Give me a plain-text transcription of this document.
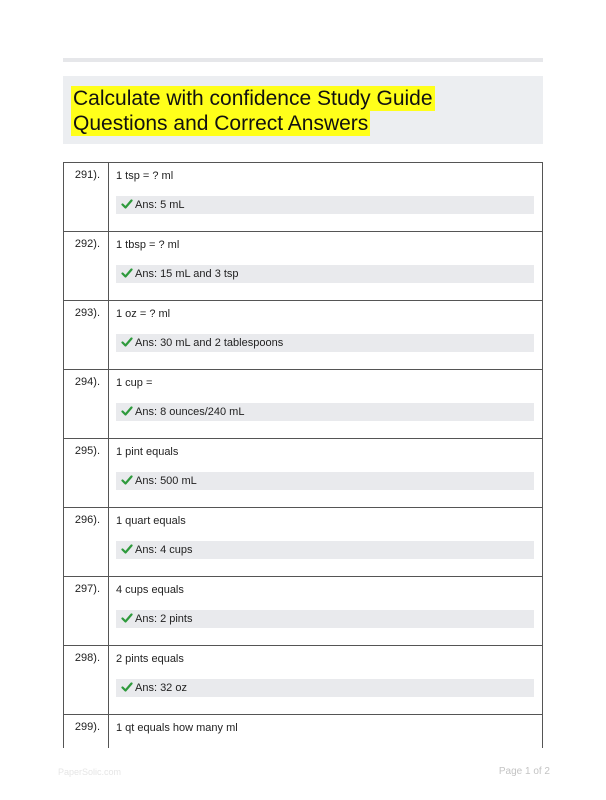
Calculate with confidence Study Guide
Questions and Correct Answers
291).	1 tsp = ? ml
Ans: 5 mL
292).	1 tbsp = ? ml
Ans: 15 mL and 3 tsp
293).	1 oz = ? ml
Ans: 30 mL and 2 tablespoons
294).	1 cup =
Ans: 8 ounces/240 mL
295).	1 pint equals
Ans: 500 mL
296).	1 quart equals
Ans: 4 cups
297).	4 cups equals
Ans: 2 pints
298).	2 pints equals
Ans: 32 oz
299).	1 qt equals how many ml
PaperSolic.com	Page 1 of 2
